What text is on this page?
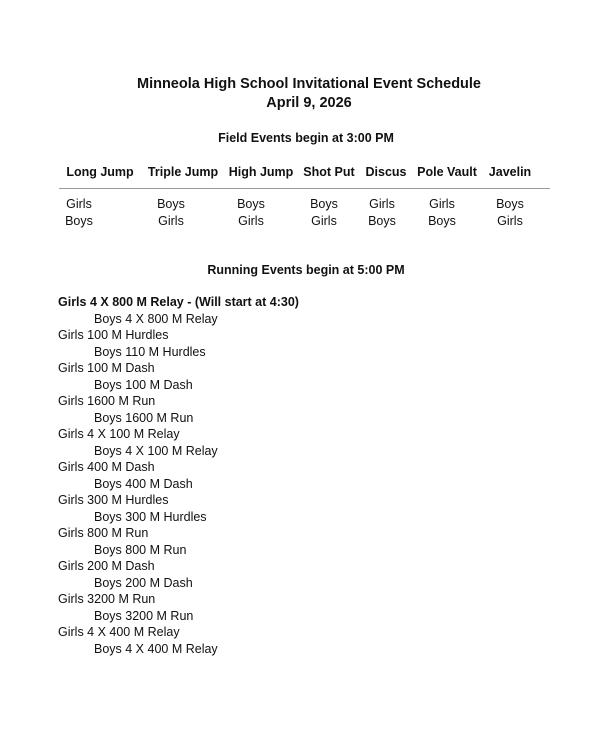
Minneola High School Invitational Event Schedule
April 9, 2026
Field Events begin at 3:00 PM
Long Jump	Triple Jump High Jump Shot Put Discus Pole Vault Javelin
Girls
Boys
Boys
Girls
Boys
Girls
Boys
Girls
Girls
Boys
Girls
Boys
Boys
Girls
Running Events begin at 5:00 PM
Girls 4 X 800 M Relay - (Will start at 4:30)
Boys 4 X 800 M Relay
Girls 100 M Hurdles
Boys 110 M Hurdles
Girls 100 M Dash
Boys 100 M Dash
Girls 1600 M Run
Boys 1600 M Run
Girls 4 X 100 M Relay
Boys 4 X 100 M Relay
Girls 400 M Dash
Boys 400 M Dash
Girls 300 M Hurdles
Boys 300 M Hurdles
Girls 800 M Run
Boys 800 M Run
Girls 200 M Dash
Boys 200 M Dash
Girls 3200 M Run
Boys 3200 M Run
Girls 4 X 400 M Relay
Boys 4 X 400 M Relay
